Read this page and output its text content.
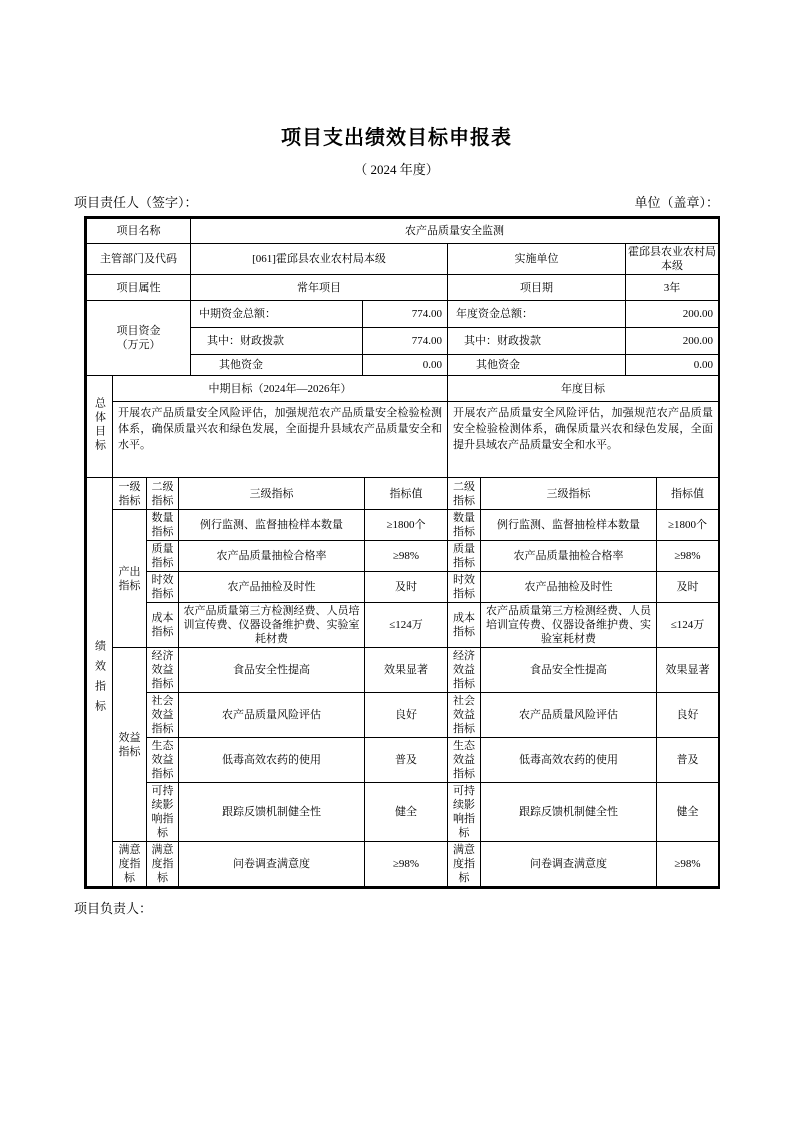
项目支出绩效目标申报表
（ 2024 年度）
项目责任人（签字）：	单位（盖章）：
项目名称	农产品质量安全监测			
主管部门及代码	[061]霍邱县农业农村局本级		实施单位	霍邱县农业农村局本级
项目属性	常年项目		项目期	3年

项目资金
（万元）	中期资金总额：	774.00	年度资金总额：	200.00
	其中：财政拨款	774.00	其中：财政拨款	200.00
	其他资金	0.00	其他资金	0.00
总体目标	中期目标（2024年—2026年）	年度目标
	开展农产品质量安全风险评估，加强规范农产品质量安全检验检测体系，确保质量兴农和绿色发展，全面提升县域农产品质量安全和水平。	开展农产品质量安全风险评估，加强规范农产品质量安全检验检测体系，确保质量兴农和绿色发展，全面提升县域农产品质量安全和水平。
绩效指标	一级指标	二级指标	三级指标	指标值	二级指标	三级指标	指标值
	产出指标	数量指标	例行监测、监督抽检样本数量	≥1800个	数量指标	例行监测、监督抽检样本数量	≥1800个
		质量指标	农产品质量抽检合格率	≥98%	质量指标	农产品质量抽检合格率	≥98%
		时效指标	农产品抽检及时性	及时	时效指标	农产品抽检及时性	及时
		成本指标	农产品质量第三方检测经费、人员培训宣传费、仪器设备维护费、实验室耗材费	≤124万	成本指标	农产品质量第三方检测经费、人员培训宣传费、仪器设备维护费、实验室耗材费	≤124万
	效益指标	经济效益指标	食品安全性提高	效果显著	经济效益指标	食品安全性提高	效果显著
		社会效益指标	农产品质量风险评估	良好	社会效益指标	农产品质量风险评估	良好
		生态效益指标	低毒高效农药的使用	普及	生态效益指标	低毒高效农药的使用	普及
		可持续影响指标	跟踪反馈机制健全性	健全	可持续影响指标	跟踪反馈机制健全性	健全
	满意度指标	满意度指标	问卷调查满意度	≥98%	满意度指标	问卷调查满意度	≥98%
项目负责人：
